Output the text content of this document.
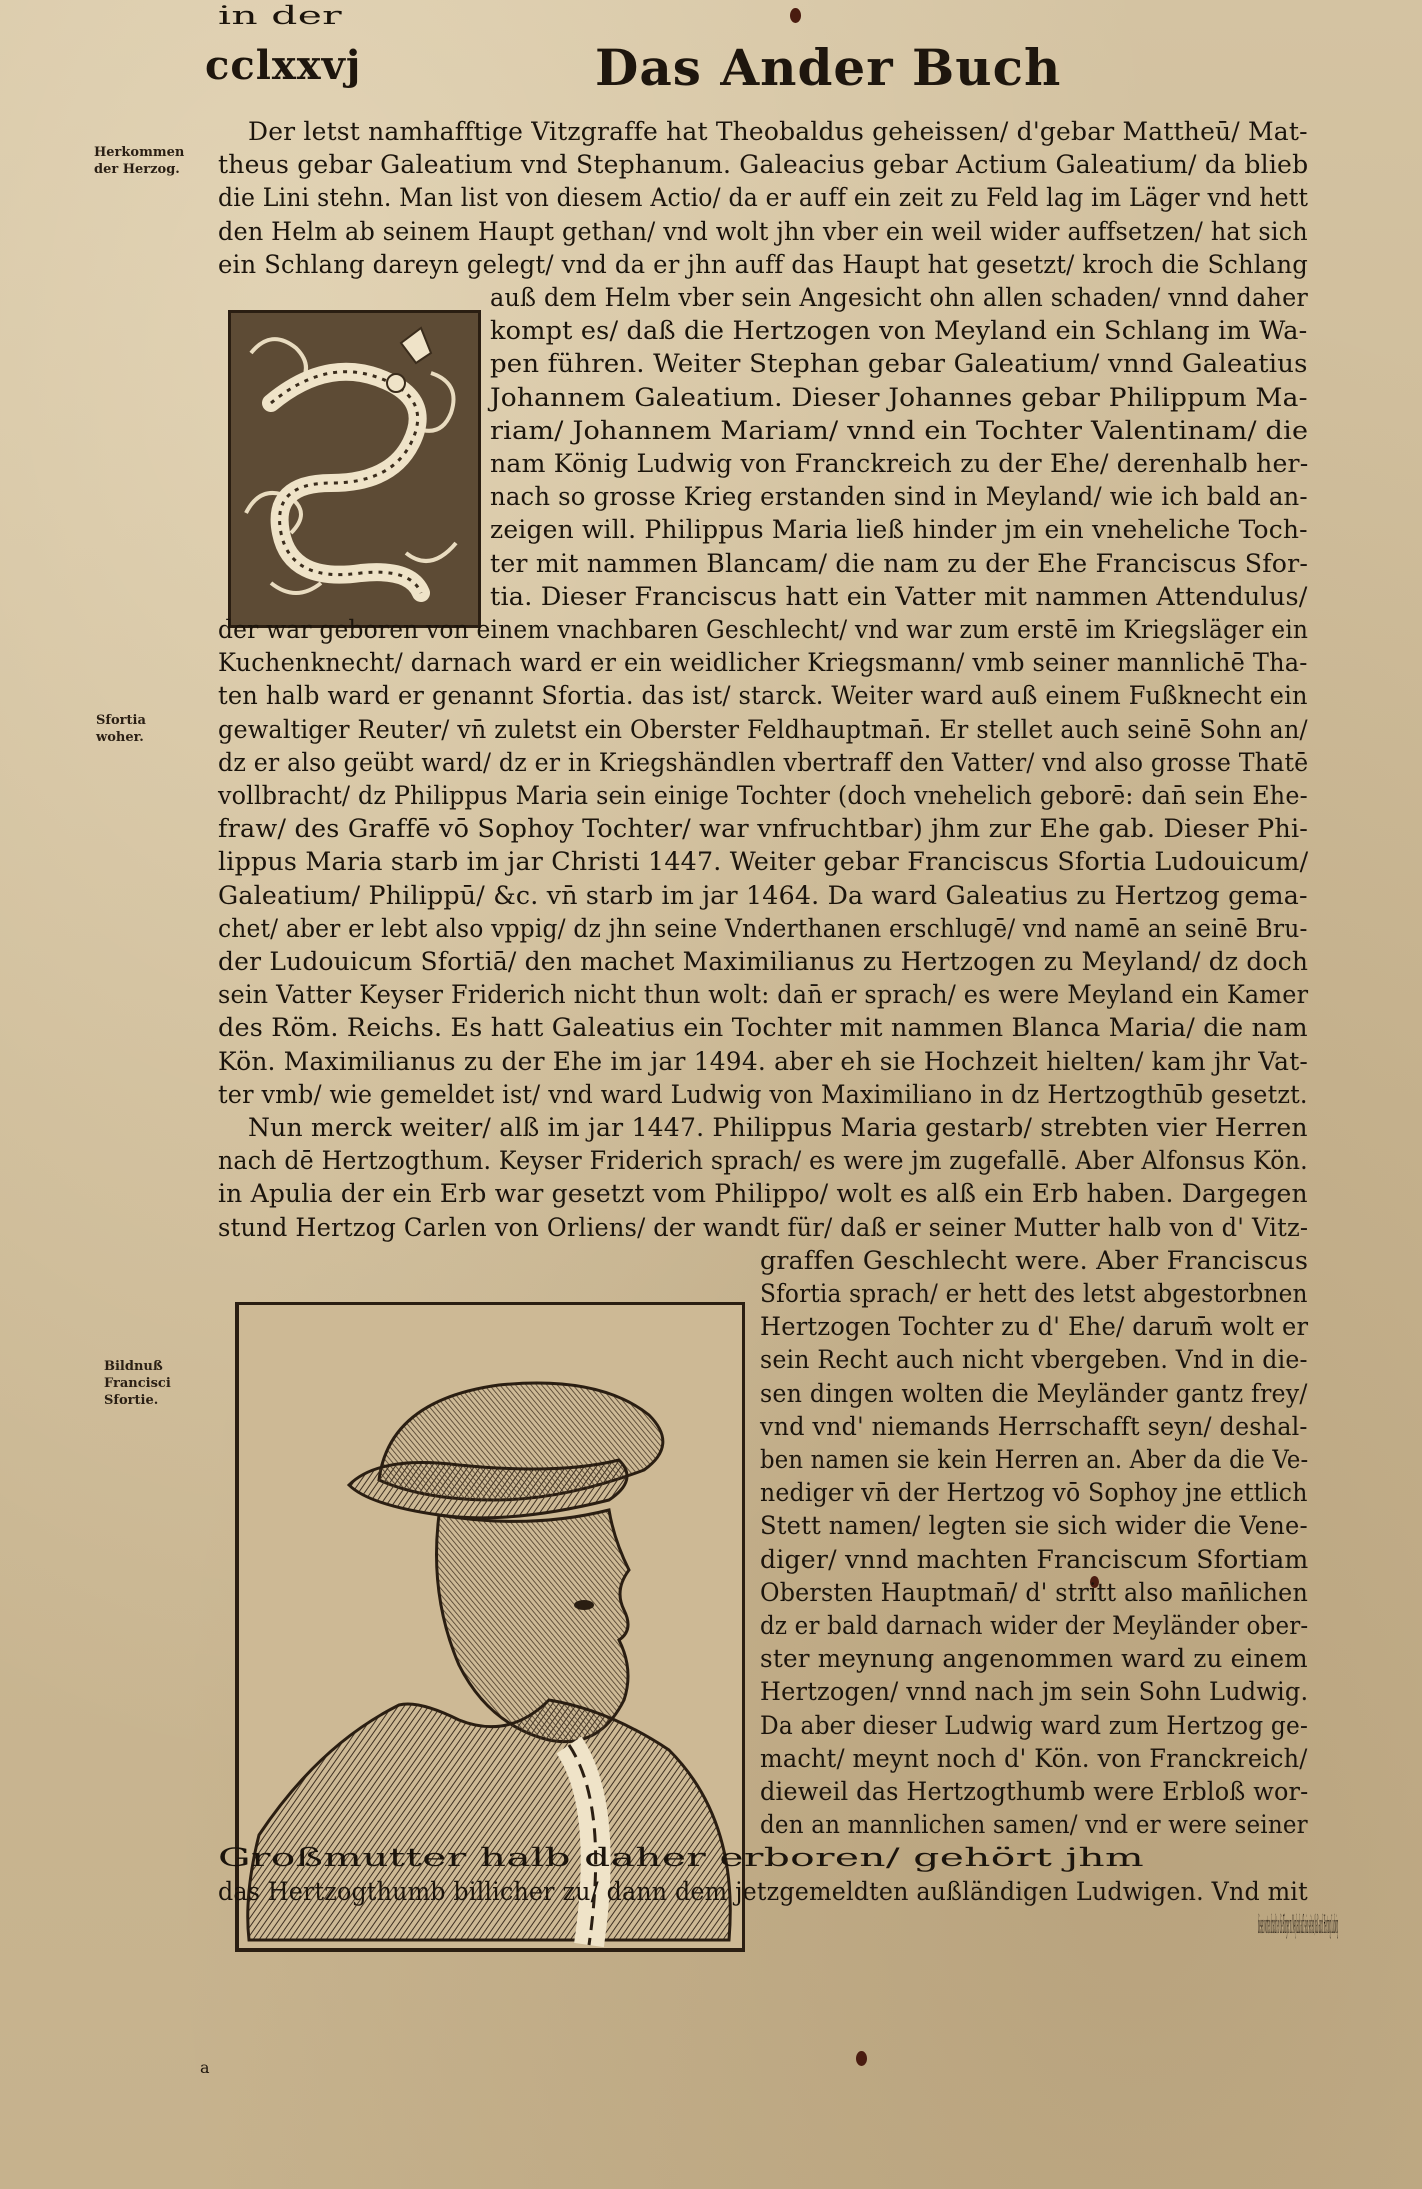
cclxxvj	Das Ander Buch
Herkommen
der Herzog.
Sfortia
woher.
Bildnuß
Francisci
Sfortie.
Der letst namhafftige Vitzgraffe hat Theobaldus geheissen/ d'gebar Mattheū/ Mat-
theus gebar Galeatium vnd Stephanum. Galeacius gebar Actium Galeatium/ da blieb
die Lini stehn. Man list von diesem Actio/ da er auff ein zeit zu Feld lag im Läger vnd hett
den Helm ab seinem Haupt gethan/ vnd wolt jhn vber ein weil wider auffsetzen/ hat sich
ein Schlang dareyn gelegt/ vnd da er jhn auff das Haupt hat gesetzt/ kroch die Schlang
auß dem Helm vber sein Angesicht ohn allen schaden/ vnnd daher
kompt es/ daß die Hertzogen von Meyland ein Schlang im Wa-
pen führen. Weiter Stephan gebar Galeatium/ vnnd Galeatius
Johannem Galeatium. Dieser Johannes gebar Philippum Ma-
riam/ Johannem Mariam/ vnnd ein Tochter Valentinam/ die
nam König Ludwig von Franckreich zu der Ehe/ derenhalb her-
nach so grosse Krieg erstanden sind in Meyland/ wie ich bald an-
zeigen will. Philippus Maria ließ hinder jm ein vneheliche Toch-
ter mit nammen Blancam/ die nam zu der Ehe Franciscus Sfor-
tia. Dieser Franciscus hatt ein Vatter mit nammen Attendulus/
der war geboren von einem vnachbaren Geschlecht/ vnd war zum erstē im Kriegsläger ein
Kuchenknecht/ darnach ward er ein weidlicher Kriegsmann/ vmb seiner mannlichē Tha-
ten halb ward er genannt Sfortia. das ist/ starck. Weiter ward auß einem Fußknecht ein
gewaltiger Reuter/ vn̄ zuletst ein Oberster Feldhauptman̄. Er stellet auch seinē Sohn an/
dz er also geübt ward/ dz er in Kriegshändlen vbertraff den Vatter/ vnd also grosse Thatē
vollbracht/ dz Philippus Maria sein einige Tochter (doch vnehelich geborē: dan̄ sein Ehe-
fraw/ des Graffē vō Sophoy Tochter/ war vnfruchtbar) jhm zur Ehe gab. Dieser Phi-
lippus Maria starb im jar Christi 1447. Weiter gebar Franciscus Sfortia Ludouicum/
Galeatium/ Philippū/ &c. vn̄ starb im jar 1464. Da ward Galeatius zu Hertzog gema-
chet/ aber er lebt also vppig/ dz jhn seine Vnderthanen erschlugē/ vnd namē an seinē Bru-
der Ludouicum Sfortiā/ den machet Maximilianus zu Hertzogen zu Meyland/ dz doch
sein Vatter Keyser Friderich nicht thun wolt: dan̄ er sprach/ es were Meyland ein Kamer
des Röm. Reichs. Es hatt Galeatius ein Tochter mit nammen Blanca Maria/ die nam
Kön. Maximilianus zu der Ehe im jar 1494. aber eh sie Hochzeit hielten/ kam jhr Vat-
ter vmb/ wie gemeldet ist/ vnd ward Ludwig von Maximiliano in dz Hertzogthūb gesetzt.
Nun merck weiter/ alß im jar 1447. Philippus Maria gestarb/ strebten vier Herren
nach dē Hertzogthum. Keyser Friderich sprach/ es were jm zugefallē. Aber Alfonsus Kön.
in Apulia der ein Erb war gesetzt vom Philippo/ wolt es alß ein Erb haben. Dargegen
stund Hertzog Carlen von Orliens/ der wandt für/ daß er seiner Mutter halb von d' Vitz-
graffen Geschlecht were. Aber Franciscus
Sfortia sprach/ er hett des letst abgestorbnen
Hertzogen Tochter zu d' Ehe/ darum̄ wolt er
sein Recht auch nicht vbergeben. Vnd in die-
sen dingen wolten die Meyländer gantz frey/
vnd vnd' niemands Herrschafft seyn/ deshal-
ben namen sie kein Herren an. Aber da die Ve-
nediger vn̄ der Hertzog vō Sophoy jne ettlich
Stett namen/ legten sie sich wider die Vene-
diger/ vnnd machten Franciscum Sfortiam
Obersten Hauptman̄/ d' stritt also man̄lichen
dz er bald darnach wider der Meyländer ober-
ster meynung angenommen ward zu einem
Hertzogen/ vnnd nach jm sein Sohn Ludwig.
Da aber dieser Ludwig ward zum Hertzog ge-
macht/ meynt noch d' Kön. von Franckreich/
dieweil das Hertzogthumb were Erbloß wor-
den an mannlichen samen/ vnd er were seiner
Großmutter halb daher erboren/ gehört jhm
das Hertzogthumb billicher zu/ dann dem jetzgemeldten außländigen Ludwigen. Vnd mit
diesen worten bracht er die Bürger zu Meyland auff sein seiten/ daß auch Hertzog Ludwig
in der
a
